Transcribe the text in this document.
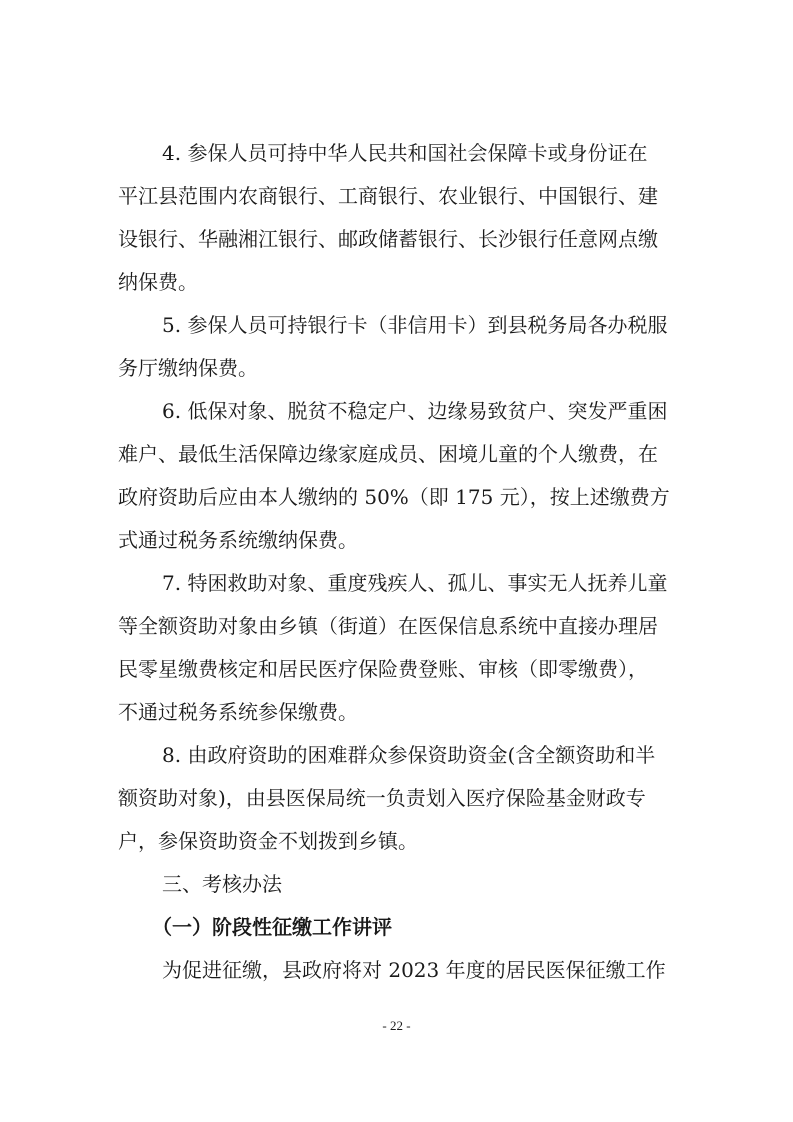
4. 参保人员可持中华人民共和国社会保障卡或身份证在
平江县范围内农商银行、工商银行、农业银行、中国银行、建
设银行、华融湘江银行、邮政储蓄银行、长沙银行任意网点缴
纳保费。
5. 参保人员可持银行卡（非信用卡）到县税务局各办税服
务厅缴纳保费。
6. 低保对象、脱贫不稳定户、边缘易致贫户、突发严重困
难户、最低生活保障边缘家庭成员、困境儿童的个人缴费，在
政府资助后应由本人缴纳的 50%（即 175 元），按上述缴费方
式通过税务系统缴纳保费。
7. 特困救助对象、重度残疾人、孤儿、事实无人抚养儿童
等全额资助对象由乡镇（街道）在医保信息系统中直接办理居
民零星缴费核定和居民医疗保险费登账、审核（即零缴费），
不通过税务系统参保缴费。
8. 由政府资助的困难群众参保资助资金(含全额资助和半
额资助对象)，由县医保局统一负责划入医疗保险基金财政专
户，参保资助资金不划拨到乡镇。
三、考核办法
（一）阶段性征缴工作讲评
为促进征缴，县政府将对 2023 年度的居民医保征缴工作
- 22 -
